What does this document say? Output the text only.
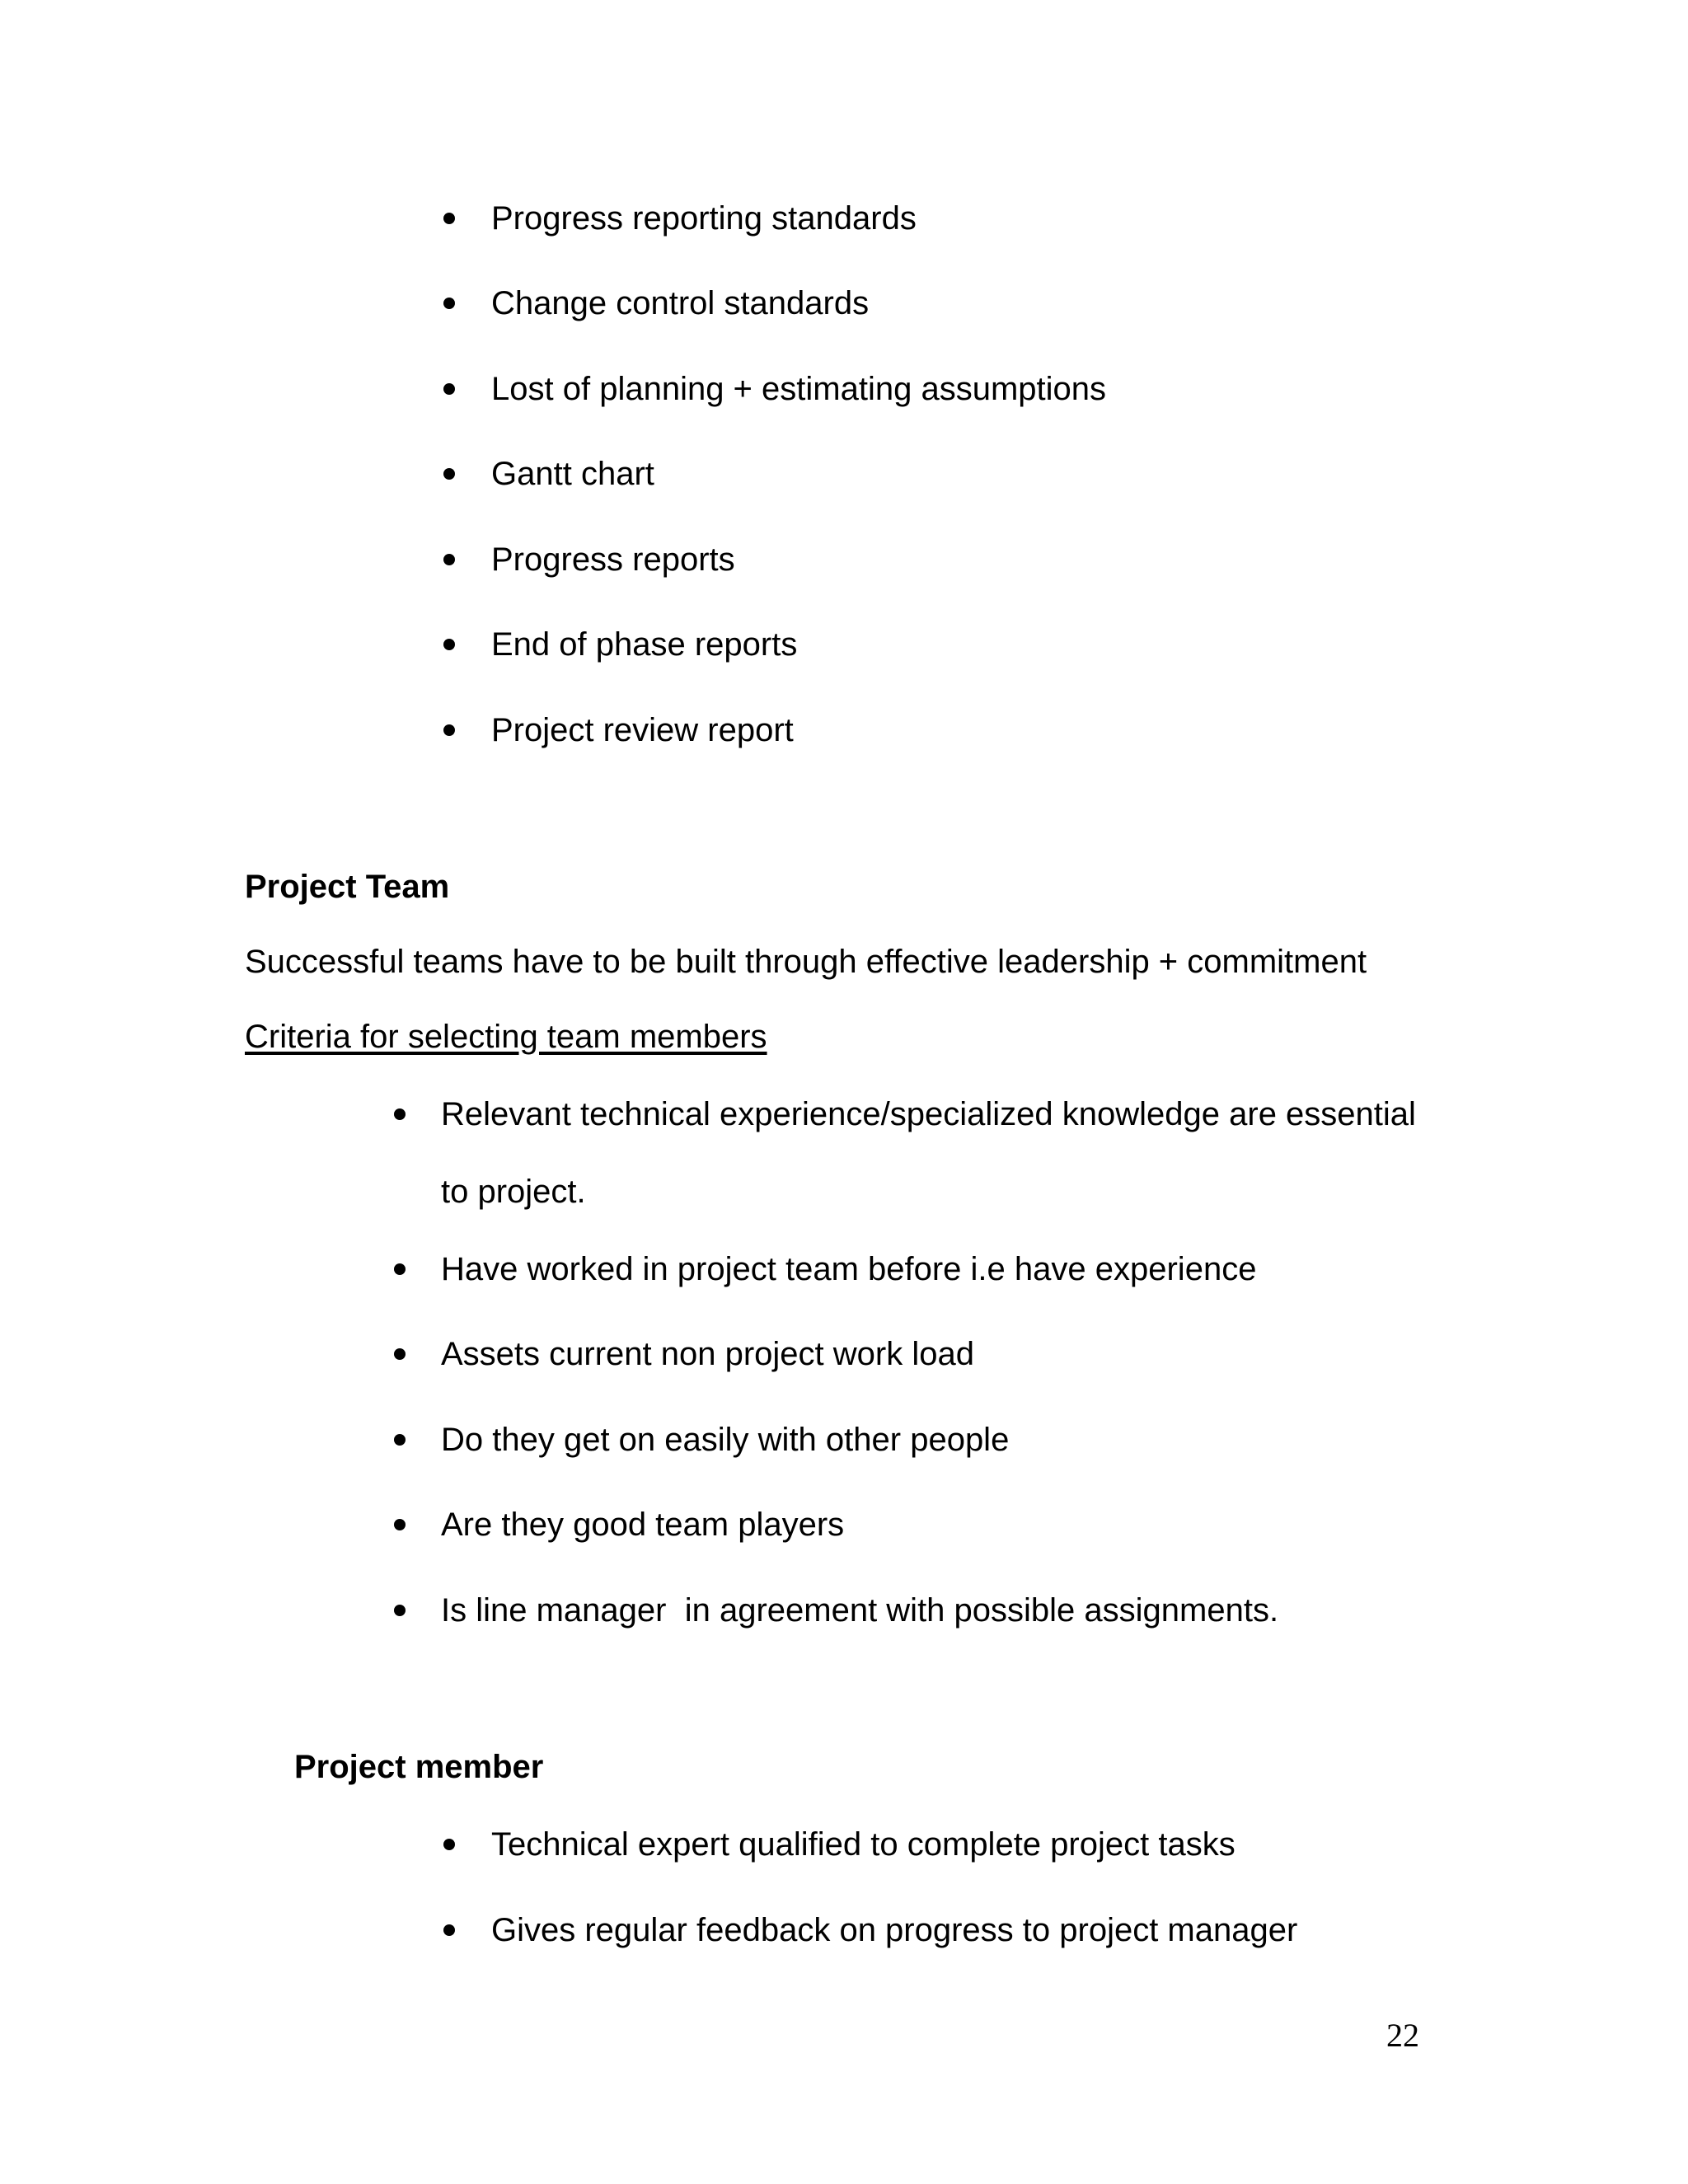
Progress reporting standards
Change control standards
Lost of planning + estimating assumptions
Gantt chart
Progress reports
End of phase reports
Project review report
Project Team
Successful teams have to be built through effective leadership + commitment
Criteria for selecting team members
Relevant technical experience/specialized knowledge are essential
to project.
Have worked in project team before i.e have experience
Assets current non project work load
Do they get on easily with other people
Are they good team players
Is line manager  in agreement with possible assignments.
Project member
Technical expert qualified to complete project tasks
Gives regular feedback on progress to project manager
22
